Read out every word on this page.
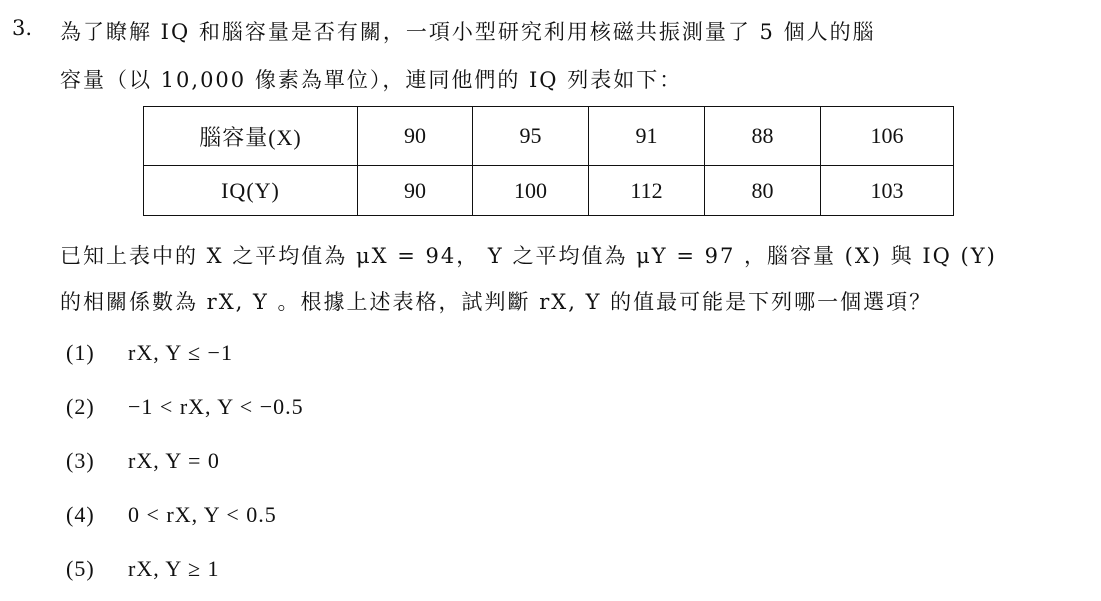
3. 為了瞭解 IQ 和腦容量是否有關，一項小型研究利用核磁共振測量了 5 個人的腦
容量（以 10,000 像素為單位），連同他們的 IQ 列表如下：
腦容量(X)	90	95	91	88	106
IQ(Y)	90	100	112	80	103
已知上表中的 X 之平均值為 μX = 94， Y 之平均值為 μY = 97 ，腦容量 (X) 與 IQ (Y)
的相關係數為 rX, Y 。根據上述表格，試判斷 rX, Y 的值最可能是下列哪一個選項？
(1) rX, Y ≤ −1
(2) −1 < rX, Y < −0.5
(3) rX, Y = 0
(4) 0 < rX, Y < 0.5
(5) rX, Y ≥ 1
